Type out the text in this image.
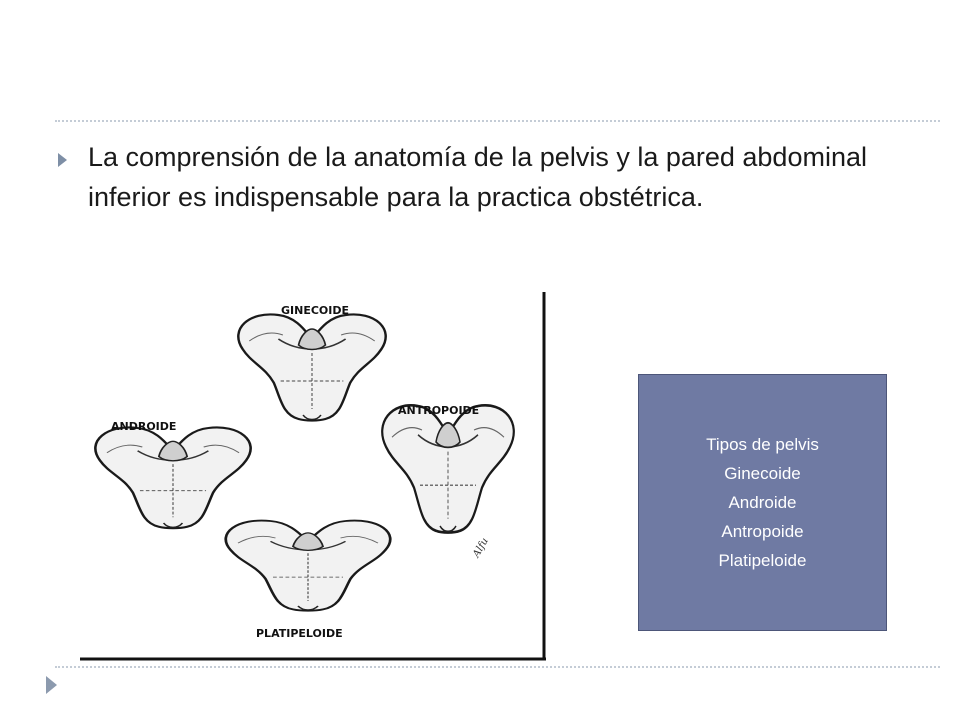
La comprensión de la anatomía de la pelvis y la pared abdominal inferior es indispensable para la practica obstétrica.
GINECOIDE
ANDROIDE
ANTROPOIDE
PLATIPELOIDE
Alfu
Tipos de pelvis
Ginecoide
Androide
Antropoide
Platipeloide
